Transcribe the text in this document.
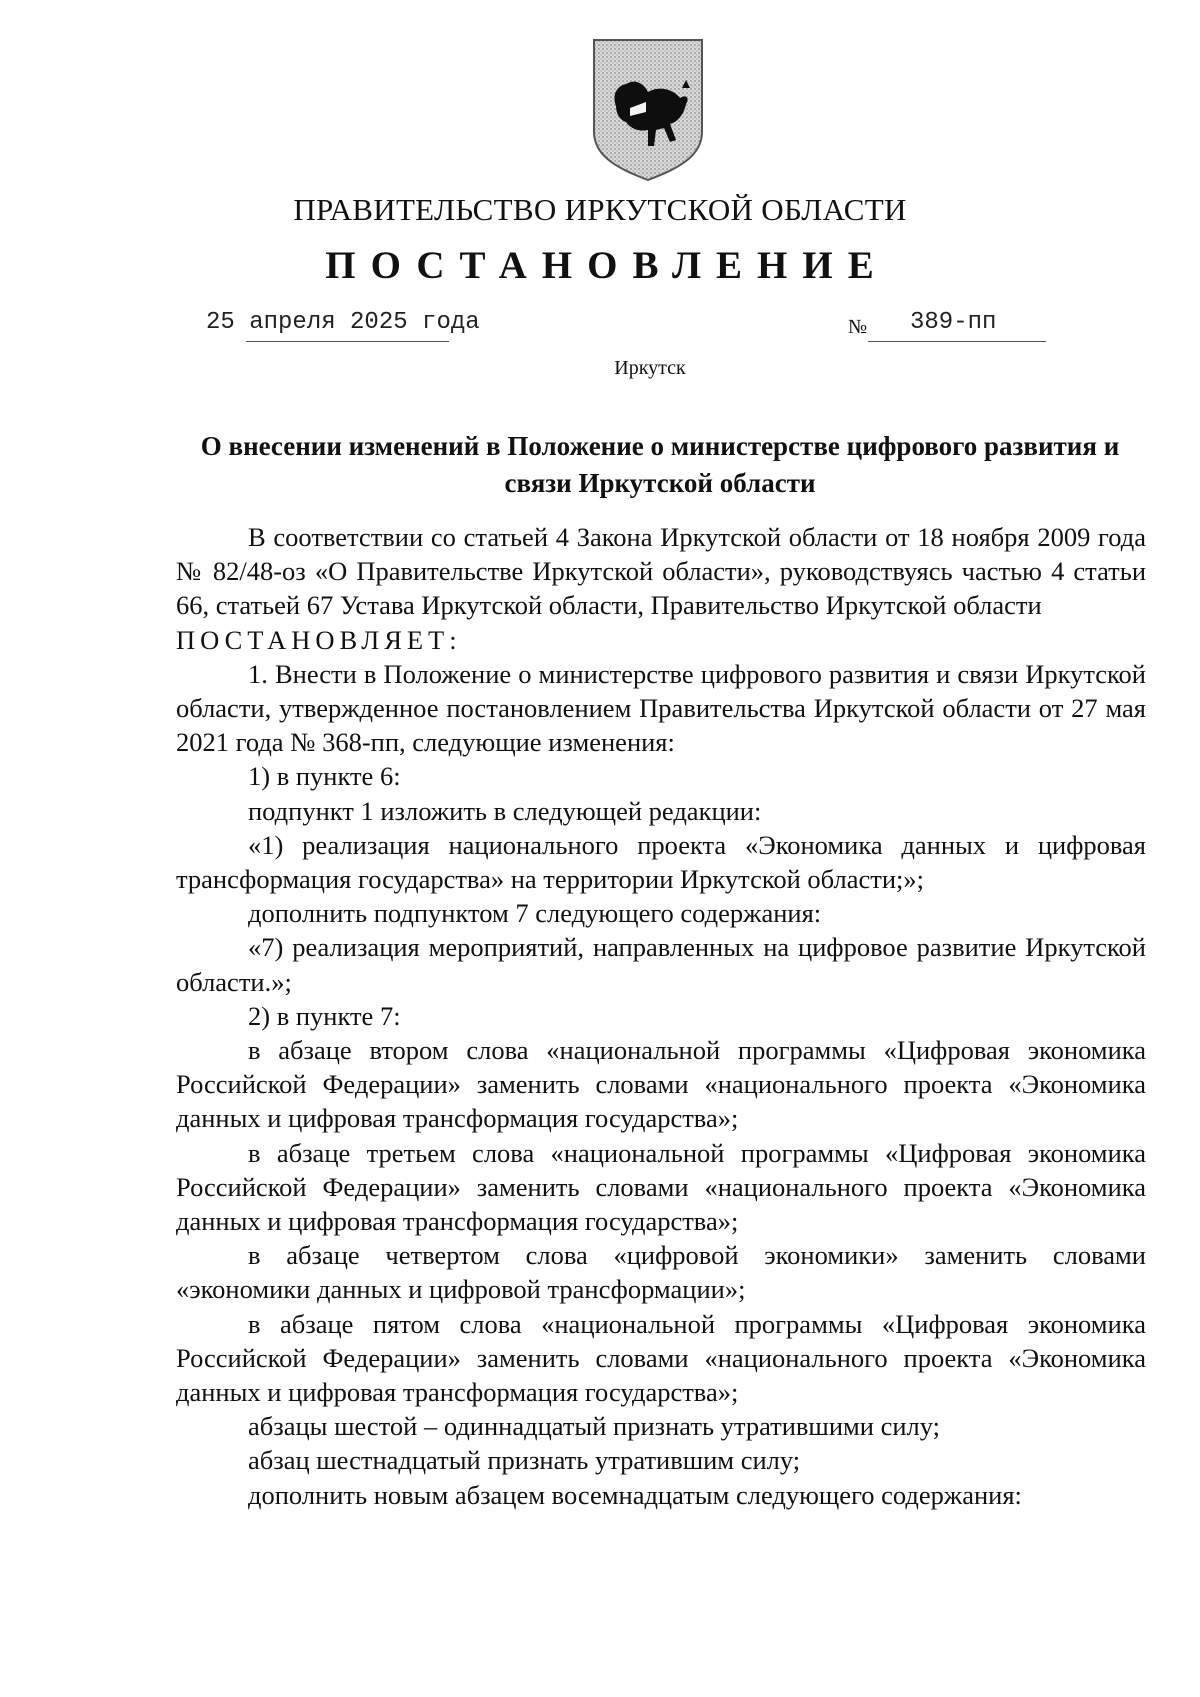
ПРАВИТЕЛЬСТВО ИРКУТСКОЙ ОБЛАСТИ
ПОСТАНОВЛЕНИЕ
25 апреля 2025 года	№ 389-пп
Иркутск
О внесении изменений в Положение о министерстве цифрового развития и связи Иркутской области

В соответствии со статьей 4 Закона Иркутской области от 18 ноября 2009 года № 82/48-оз «О Правительстве Иркутской области», руководствуясь частью 4 статьи 66, статьей 67 Устава Иркутской области, Правительство Иркутской области

ПОСТАНОВЛЯЕТ:

1. Внести в Положение о министерстве цифрового развития и связи Иркутской области, утвержденное постановлением Правительства Иркутской области от 27 мая 2021 года № 368-пп, следующие изменения:

1) в пункте 6:

подпункт 1 изложить в следующей редакции:

«1) реализация национального проекта «Экономика данных и цифровая трансформация государства» на территории Иркутской области;»;

дополнить подпунктом 7 следующего содержания:

«7) реализация мероприятий, направленных на цифровое развитие Иркутской области.»;

2) в пункте 7:

в абзаце втором слова «национальной программы «Цифровая экономика Российской Федерации» заменить словами «национального проекта «Экономика данных и цифровая трансформация государства»;

в абзаце третьем слова «национальной программы «Цифровая экономика Российской Федерации» заменить словами «национального проекта «Экономика данных и цифровая трансформация государства»;

в абзаце четвертом слова «цифровой экономики» заменить словами «экономики данных и цифровой трансформации»;

в абзаце пятом слова «национальной программы «Цифровая экономика Российской Федерации» заменить словами «национального проекта «Экономика данных и цифровая трансформация государства»;

абзацы шестой – одиннадцатый признать утратившими силу;

абзац шестнадцатый признать утратившим силу;

дополнить новым абзацем восемнадцатым следующего содержания:
